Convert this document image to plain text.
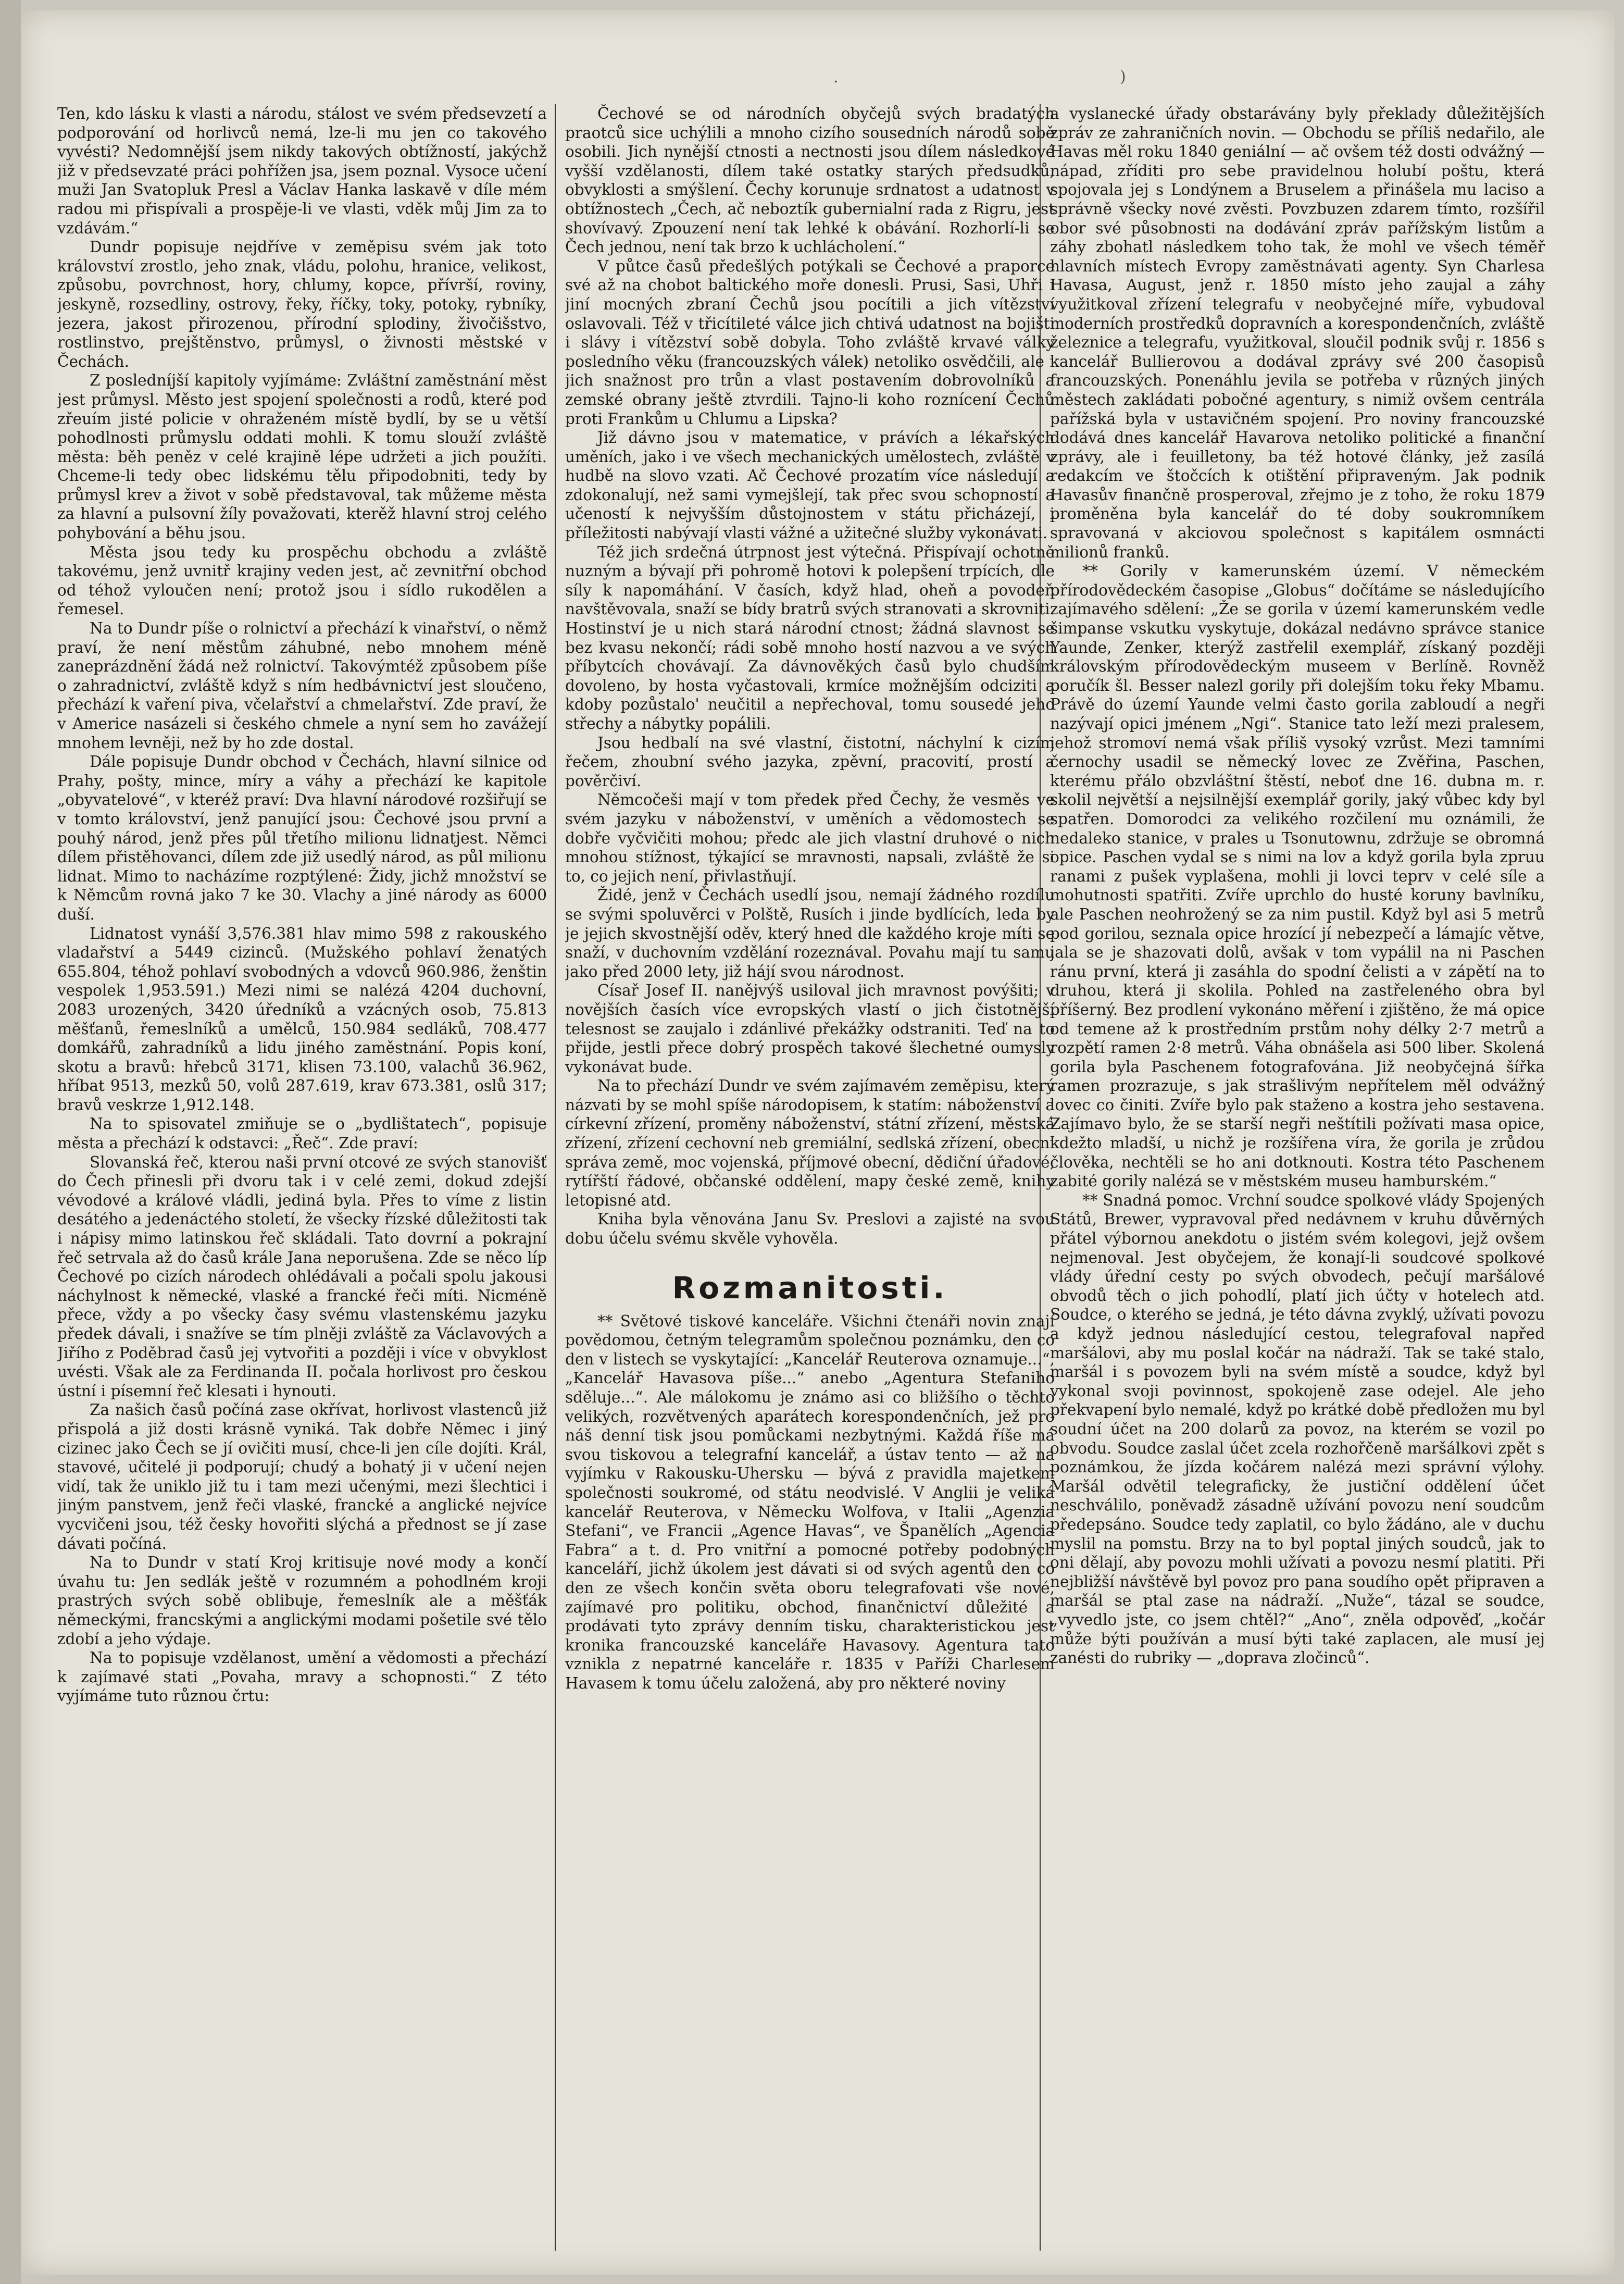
·	)

Ten, kdo lásku k vlasti a národu, stálost ve svém předsevzetí a podporování od horlivců nemá, lze-li mu jen co takového vyvésti? Nedomnější jsem nikdy takových obtížností, jakýchž již v předsevzaté práci pohřížen jsa, jsem poznal. Vysoce učení muži Jan Svatopluk Presl a Václav Hanka laskavě v díle mém radou mi přispívali a prospěje-li ve vlasti, vděk můj Jim za to vzdávám.“

Dundr popisuje nejdříve v zeměpisu svém jak toto království zrostlo, jeho znak, vládu, polohu, hranice, velikost, způsobu, povrchnost, hory, chlumy, kopce, přívrší, roviny, jeskyně, rozsedliny, ostrovy, řeky, říčky, toky, potoky, rybníky, jezera, jakost přirozenou, přírodní splodiny, živočišstvo, rostlinstvo, prejštěnstvo, průmysl, o živnosti městské v Čechách.

Z posledníjší kapitoly vyjímáme: Zvláštní zaměstnání měst jest průmysl. Město jest spojení společnosti a rodů, které pod zřeuím jisté policie v ohraženém místě bydlí, by se u větší pohodlnosti průmyslu oddati mohli. K tomu slouží zvláště města: běh peněz v celé krajině lépe udržeti a jich použíti. Chceme-li tedy obec lidskému tělu připodobniti, tedy by průmysl krev a život v sobě představoval, tak můžeme města za hlavní a pulsovní žíly považovati, kterěž hlavní stroj celého pohybování a běhu jsou.

Města jsou tedy ku prospěchu obchodu a zvláště takovému, jenž uvnitř krajiny veden jest, ač zevnitřní obchod od téhož vyloučen není; protož jsou i sídlo rukodělen a řemesel.

Na to Dundr píše o rolnictví a přechází k vinařství, o němž praví, že není městům záhubné, nebo mnohem méně zaneprázdnění žádá než rolnictví. Takovýmtéž způsobem píše o zahradnictví, zvláště když s ním hedbávnictví jest sloučeno, přechází k vaření piva, včelařství a chmelařství. Zde praví, že v Americe nasázeli si českého chmele a nyní sem ho zavážejí mnohem levněji, než by ho zde dostal.

Dále popisuje Dundr obchod v Čechách, hlavní silnice od Prahy, pošty, mince, míry a váhy a přechází ke kapitole „obyvatelové“, v kteréž praví: Dva hlavní národové rozšiřují se v tomto království, jenž panující jsou: Čechové jsou první a pouhý národ, jenž přes půl třetího milionu lidnatjest. Němci dílem přistěhovanci, dílem zde již usedlý národ, as půl milionu lidnat. Mimo to nacházíme rozptýlené: Židy, jichž množství se k Němcům rovná jako 7 ke 30. Vlachy a jiné národy as 6000 duší.

Lidnatost vynáší 3,576.381 hlav mimo 598 z rakouského vladařství a 5449 cizinců. (Mužského pohlaví ženatých 655.804, téhož pohlaví svobodných a vdovců 960.986, ženštin vespolek 1,953.591.) Mezi nimi se nalézá 4204 duchovní, 2083 urozených, 3420 úředníků a vzácných osob, 75.813 měšťanů, řemeslníků a umělců, 150.984 sedláků, 708.477 domkářů, zahradníků a lidu jiného zaměstnání. Popis koní, skotu a bravů: hřebců 3171, klisen 73.100, valachů 36.962, hříbat 9513, mezků 50, volů 287.619, krav 673.381, oslů 317; bravů veskrze 1,912.148.

Na to spisovatel zmiňuje se o „bydlištatech“, popisuje města a přechází k odstavci: „Řeč“. Zde praví:

Slovanská řeč, kterou naši první otcové ze svých stanovišť do Čech přinesli při dvoru tak i v celé zemi, dokud zdejší vévodové a králové vládli, jediná byla. Přes to víme z listin desátého a jedenáctého století, že všecky řízské důležitosti tak i nápisy mimo latinskou řeč skládali. Tato dovrní a pokrajní řeč setrvala až do časů krále Jana neporušena. Zde se něco líp Čechové po cizích národech ohlédávali a počali spolu jakousi náchylnost k německé, vlaské a francké řeči míti. Nicméně přece, vždy a po všecky časy svému vlastenskému jazyku předek dávali, i snažíve se tím plněji zvláště za Václavových a Jiřího z Poděbrad časů jej vytvořiti a později i více v obvyklost uvésti. Však ale za Ferdinanda II. počala horlivost pro českou ústní i písemní řeč klesati i hynouti.

Za našich časů počíná zase okřívat, horlivost vlastenců již přispolá a již dosti krásně vyniká. Tak dobře Němec i jiný cizinec jako Čech se jí ovičiti musí, chce-li jen cíle dojíti. Král, stavové, učitelé ji podporují; chudý a bohatý ji v učení nejen vidí, tak že uniklo již tu i tam mezi učenými, mezi šlechtici i jiným panstvem, jenž řeči vlaské, francké a anglické nejvíce vycvičeni jsou, též česky hovořiti slýchá a přednost se jí zase dávati počíná.

Na to Dundr v statí Kroj kritisuje nové mody a končí úvahu tu: Jen sedlák ještě v rozumném a pohodlném kroji prastrých svých sobě oblibuje, řemeslník ale a měšťák německými, francskými a anglickými modami pošetile své tělo zdobí a jeho výdaje.

Na to popisuje vzdělanost, umění a vědomosti a přechází k zajímavé stati „Povaha, mravy a schopnosti.“ Z této vyjímáme tuto různou črtu:

Čechové se od národních obyčejů svých bradatých praotců sice uchýlili a mnoho cizího sousedních národů sobě osobili. Jich nynější ctnosti a nectnosti jsou dílem následkové vyšší vzdělanosti, dílem také ostatky starých předsudků, obvyklosti a smýšlení. Čechy korunuje srdnatost a udatnost v obtížnostech „Čech, ač neboztík gubernialní rada z Rigru, jest shovívavý. Zpouzení není tak lehké k obávání. Rozhorlí-li se Čech jednou, není tak brzo k uchlácholení.“

V půtce časů předešlých potýkali se Čechové a praporce své až na chobot baltického moře donesli. Prusi, Sasi, Uhři i jiní mocných zbraní Čechů jsou pocítili a jich vítězství oslavovali. Též v třicítileté válce jich chtivá udatnost na bojišti i slávy i vítězství sobě dobyla. Toho zvláště krvavé války posledního věku (francouzských válek) netoliko osvědčili, ale i jich snažnost pro trůn a vlast postavením dobrovolníků a zemské obrany ještě ztvrdili. Tajno-li koho roznícení Čechů proti Frankům u Chlumu a Lipska?

Již dávno jsou v matematice, v právích a lékařských uměních, jako i ve všech mechanických umělostech, zvláště v hudbě na slovo vzati. Ač Čechové prozatím více následují a zdokonalují, než sami vymejšlejí, tak přec svou schopností a učeností k nejvyšším důstojnostem v státu přicházejí, i příležitosti nabývají vlasti vážné a užitečné služby vykonávati.

Též jich srdečná útrpnost jest výtečná. Přispívají ochotně nuzným a bývají při pohromě hotovi k polepšení trpících, dle síly k napomáhání. V časích, když hlad, oheň a povodeň navštěvovala, snaží se bídy bratrů svých stranovati a skrovniti. Hostinství je u nich stará národní ctnost; žádná slavnost se bez kvasu nekončí; rádi sobě mnoho hostí nazvou a ve svých příbytcích chovávají. Za dávnověkých časů bylo chudším dovoleno, by hosta vyčastovali, krmíce možnějším odciziti a kdoby pozůstalo' neučitil a nepřechoval, tomu sousedé jeho střechy a nábytky popálili.

Jsou hedbalí na své vlastní, čistotní, náchylní k cizím řečem, zhoubní svého jazyka, zpěvní, pracovití, prostí a pověrčiví.

Němcočeši mají v tom předek před Čechy, že vesměs ve svém jazyku v náboženství, v uměních a vědomostech se dobře vyčvičiti mohou; předc ale jich vlastní druhové o nich mnohou stížnost, týkající se mravnosti, napsali, zvláště že si to, co jejich není, přivlastňují.

Židé, jenž v Čechách usedlí jsou, nemají žádného rozdílu se svými spoluvěrci v Polště, Rusích i jinde bydlících, leda by je jejich skvostnější oděv, který hned dle každého kroje míti se snaží, v duchovním vzdělání rozeznával. Povahu mají tu samu jako před 2000 lety, již hájí svou národnost.

Císař Josef II. nanějvýš usiloval jich mravnost povýšiti; v novějších časích více evropských vlastí o jich čistotnější telesnost se zaujalo i zdánlivé překážky odstraniti. Teď na to přijde, jestli přece dobrý prospěch takové šlechetné oumysly vykonávat bude.

Na to přechází Dundr ve svém zajímavém zeměpisu, který názvati by se mohl spíše národopisem, k statím: náboženství a církevní zřízení, proměny náboženství, státní zřízení, městská zřízení, zřízení cechovní neb gremiální, sedlská zřízení, obecní správa země, moc vojenská, příjmové obecní, dědiční úřadové, rytířští řádové, občanské oddělení, mapy české země, knihy letopisné atd.

Kniha byla věnována Janu Sv. Preslovi a zajisté na svou dobu účelu svému skvěle vyhověla.

Rozmanitosti.

** Světové tiskové kanceláře. Všichni čtenáři novin znají povědomou, četným telegramům společnou poznámku, den co den v listech se vyskytající: „Kancelář Reuterova oznamuje...“, „Kancelář Havasova píše...“ anebo „Agentura Stefaniho sděluje...“. Ale málokomu je známo asi co bližšího o těchto velikých, rozvětvených aparátech korespondenčních, jež pro náš denní tisk jsou pomůckami nezbytnými. Každá říše má svou tiskovou a telegrafní kancelář, a ústav tento — až na vyjímku v Rakousku-Uhersku — bývá z pravidla majetkem společnosti soukromé, od státu neodvislé. V Anglii je veliká kancelář Reuterova, v Německu Wolfova, v Italii „Agenzia Stefani“, ve Francii „Agence Havas“, ve Španělích „Agencia Fabra“ a t. d. Pro vnitřní a pomocné potřeby podobných kanceláří, jichž úkolem jest dávati si od svých agentů den co den ze všech končin světa oboru telegrafovati vše nové, zajímavé pro politiku, obchod, finančnictví důležité a prodávati tyto zprávy denním tisku, charakteristickou jest kronika francouzské kanceláře Havasovy. Agentura tato vznikla z nepatrné kanceláře r. 1835 v Paříži Charlesem Havasem k tomu účelu založená, aby pro některé noviny

a vyslanecké úřady obstarávány byly překlady důležitějších zpráv ze zahraničních novin. — Obchodu se příliš nedařilo, ale Havas měl roku 1840 geniální — ač ovšem též dosti odvážný — nápad, zříditi pro sebe pravidelnou holubí poštu, která spojovala jej s Londýnem a Bruselem a přinášela mu laciso a správně všecky nové zvěsti. Povzbuzen zdarem tímto, rozšířil obor své působnosti na dodávání zpráv pařížským listům a záhy zbohatl následkem toho tak, že mohl ve všech téměř hlavních místech Evropy zaměstnávati agenty. Syn Charlesa Havasa, August, jenž r. 1850 místo jeho zaujal a záhy využitkoval zřízení telegrafu v neobyčejné míře, vybudoval moderních prostředků dopravních a korespondenčních, zvláště železnice a telegrafu, využitkoval, sloučil podnik svůj r. 1856 s kancelář Bullierovou a dodával zprávy své 200 časopisů francouzských. Ponenáhlu jevila se potřeba v různých jiných městech zakládati pobočné agentury, s nimiž ovšem centrála pařížská byla v ustavičném spojení. Pro noviny francouzské dodává dnes kancelář Havarova netoliko politické a finanční zprávy, ale i feuilletony, ba též hotové články, jež zasílá redakcím ve štočcích k otištění připraveným. Jak podnik Havasův finančně prosperoval, zřejmo je z toho, že roku 1879 proměněna byla kancelář do té doby soukromníkem spravovaná v akciovou společnost s kapitálem osmnácti milionů franků.

** Gorily v kamerunském území. V německém přírodovědeckém časopise „Globus“ dočítáme se následujícího zajímavého sdělení: „Že se gorila v území kamerunském vedle šimpanse vskutku vyskytuje, dokázal nedávno správce stanice Yaunde, Zenker, kterýž zastřelil exemplář, získaný později královským přírodovědeckým museem v Berlíně. Rovněž poručík šl. Besser nalezl gorily při dolejším toku řeky Mbamu. Právě do území Yaunde velmi často gorila zabloudí a negři nazývají opici jménem „Ngi“. Stanice tato leží mezi pralesem, jehož stromoví nemá však příliš vysoký vzrůst. Mezi tamními černochy usadil se německý lovec ze Zvěřina, Paschen, kterému přálo obzvláštní štěstí, neboť dne 16. dubna m. r. skolil největší a nejsilnější exemplář gorily, jaký vůbec kdy byl spatřen. Domorodci za velikého rozčilení mu oznámili, že nedaleko stanice, v prales u Tsonutownu, zdržuje se obromná opice. Paschen vydal se s nimi na lov a když gorila byla zpruu ranami z pušek vyplašena, mohli ji lovci teprv v celé síle a mohutnosti spatřiti. Zvíře uprchlo do husté koruny bavlníku, ale Paschen neohrožený se za nim pustil. Když byl asi 5 metrů pod gorilou, seznala opice hrozící jí nebezpečí a lámajíc větve, jala se je shazovati dolů, avšak v tom vypálil na ni Paschen ránu první, která ji zasáhla do spodní čelisti a v zápětí na to druhou, která ji skolila. Pohled na zastřeleného obra byl příšerný. Bez prodlení vykonáno měření i zjištěno, že má opice od temene až k prostředním prstům nohy délky 2·7 metrů a rozpětí ramen 2·8 metrů. Váha obnášela asi 500 liber. Skolená gorila byla Paschenem fotografována. Již neobyčejná šířka ramen prozrazuje, s jak strašlivým nepřítelem měl odvážný lovec co činiti. Zvíře bylo pak staženo a kostra jeho sestavena. Zajímavo bylo, že se starší negři neštítili požívati masa opice, kdežto mladší, u nichž je rozšířena víra, že gorila je zrůdou člověka, nechtěli se ho ani dotknouti. Kostra této Paschenem zabité gorily nalézá se v městském museu hamburském.“

** Snadná pomoc. Vrchní soudce spolkové vlády Spojených Států, Brewer, vypravoval před nedávnem v kruhu důvěrných přátel výbornou anekdotu o jistém svém kolegovi, jejž ovšem nejmenoval. Jest obyčejem, že konají-li soudcové spolkové vlády úřední cesty po svých obvodech, pečují maršálové obvodů těch o jich pohodlí, platí jich účty v hotelech atd. Soudce, o kterého se jedná, je této dávna zvyklý, užívati povozu a když jednou následující cestou, telegrafoval napřed maršálovi, aby mu poslal kočár na nádraží. Tak se také stalo, maršál i s povozem byli na svém místě a soudce, když byl vykonal svoji povinnost, spokojeně zase odejel. Ale jeho překvapení bylo nemalé, když po krátké době předložen mu byl soudní účet na 200 dolarů za povoz, na kterém se vozil po obvodu. Soudce zaslal účet zcela rozhořčeně maršálkovi zpět s poznámkou, že jízda kočárem nalézá mezi správní výlohy. Maršál odvětil telegraficky, že justiční oddělení účet neschválilo, poněvadž zásadně užívání povozu není soudcům předepsáno. Soudce tedy zaplatil, co bylo žádáno, ale v duchu myslil na pomstu. Brzy na to byl poptal jiných soudců, jak to oni dělají, aby povozu mohli užívati a povozu nesmí platiti. Při nejbližší návštěvě byl povoz pro pana soudího opět připraven a maršál se ptal zase na nádraží. „Nuže“, tázal se soudce, „vyvedlo jste, co jsem chtěl?“ „Ano“, zněla odpověď, „kočár může býti používán a musí býti také zaplacen, ale musí jej zanésti do rubriky — „doprava zločinců“.
